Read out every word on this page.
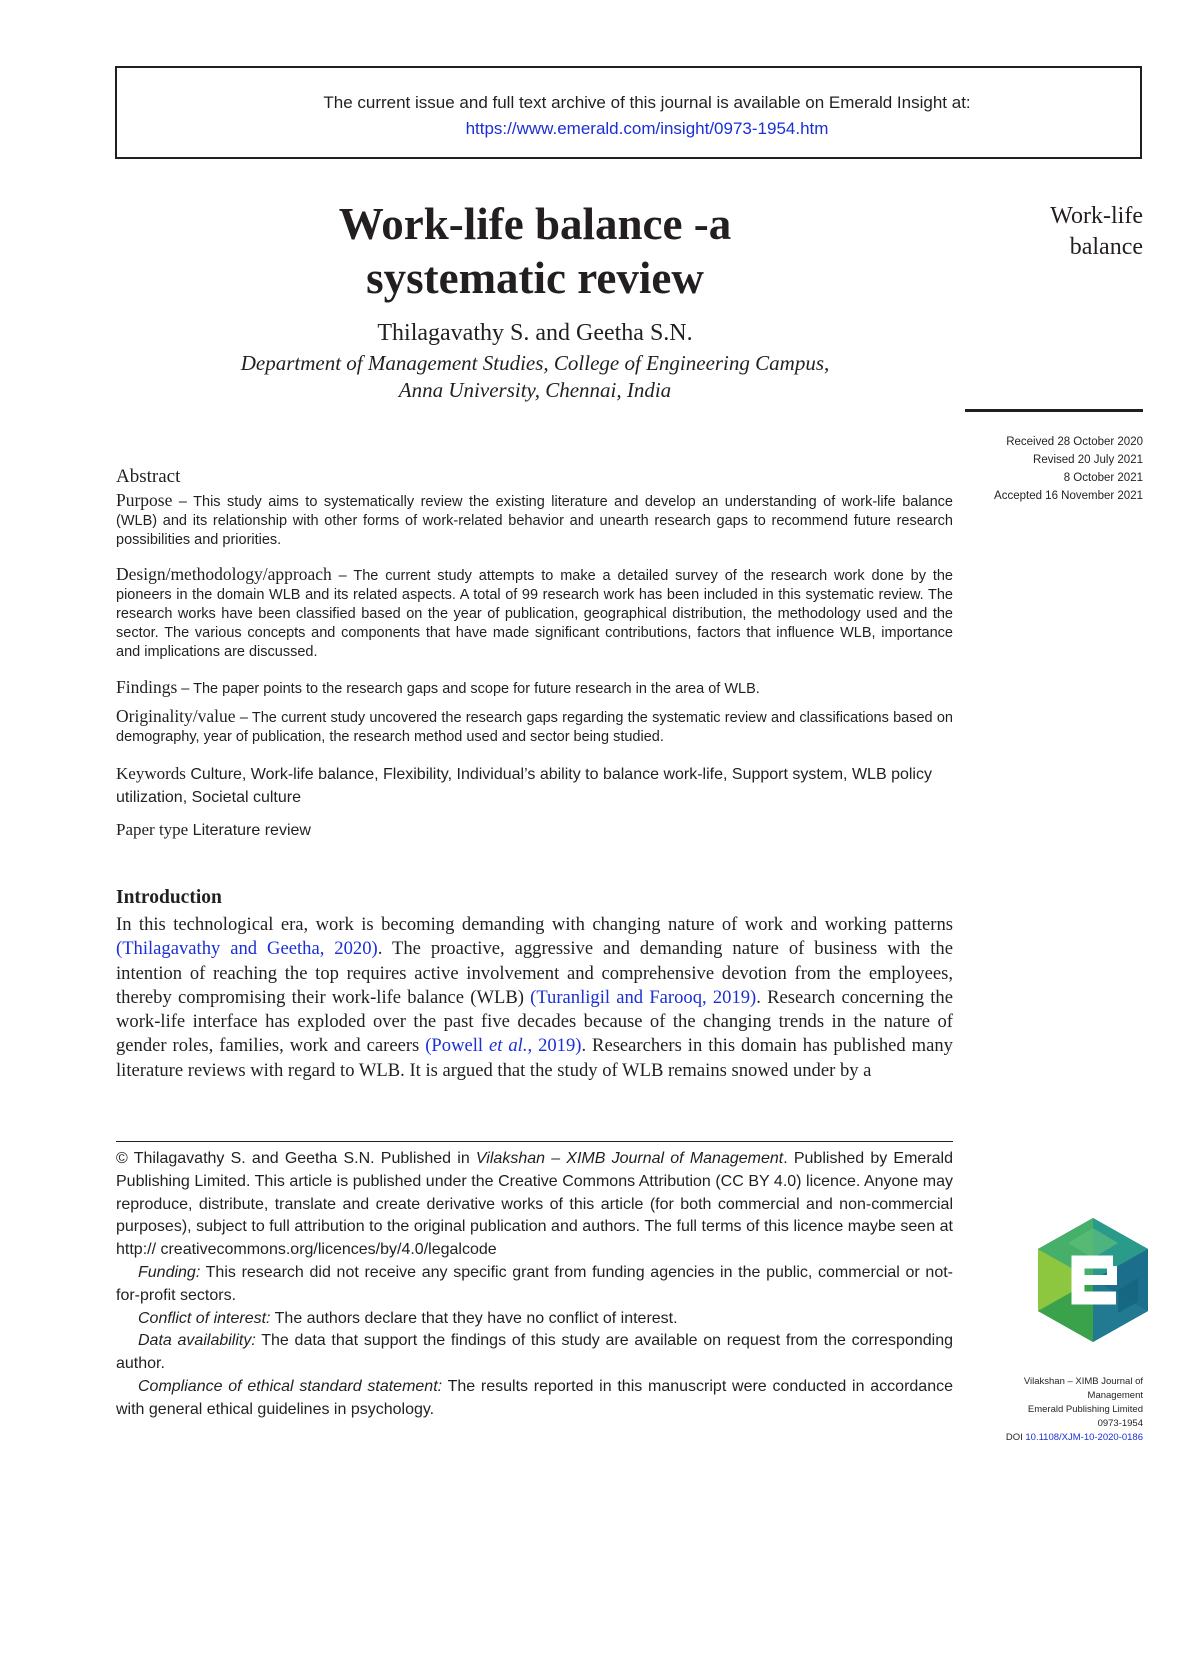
The current issue and full text archive of this journal is available on Emerald Insight at:
https://www.emerald.com/insight/0973-1954.htm
Work-life balance -a
systematic review
Thilagavathy S. and Geetha S.N.
Department of Management Studies, College of Engineering Campus,
Anna University, Chennai, India
Work-life
balance
Received 28 October 2020
Revised 20 July 2021
8 October 2021
Accepted 16 November 2021
Abstract
Purpose – This study aims to systematically review the existing literature and develop an understanding of work-life balance (WLB) and its relationship with other forms of work-related behavior and unearth research gaps to recommend future research possibilities and priorities.
Design/methodology/approach – The current study attempts to make a detailed survey of the research work done by the pioneers in the domain WLB and its related aspects. A total of 99 research work has been included in this systematic review. The research works have been classified based on the year of publication, geographical distribution, the methodology used and the sector. The various concepts and components that have made significant contributions, factors that influence WLB, importance and implications are discussed.
Findings – The paper points to the research gaps and scope for future research in the area of WLB.
Originality/value – The current study uncovered the research gaps regarding the systematic review and classifications based on demography, year of publication, the research method used and sector being studied.
Keywords Culture, Work-life balance, Flexibility, Individual’s ability to balance work-life, Support system, WLB policy utilization, Societal culture
Paper type Literature review
Introduction
In this technological era, work is becoming demanding with changing nature of work and working patterns (Thilagavathy and Geetha, 2020). The proactive, aggressive and demanding nature of business with the intention of reaching the top requires active involvement and comprehensive devotion from the employees, thereby compromising their work-life balance (WLB) (Turanligil and Farooq, 2019). Research concerning the work-life interface has exploded over the past five decades because of the changing trends in the nature of gender roles, families, work and careers (Powell et al., 2019). Researchers in this domain has published many literature reviews with regard to WLB. It is argued that the study of WLB remains snowed under by a

© Thilagavathy S. and Geetha S.N. Published in Vilakshan – XIMB Journal of Management. Published by Emerald Publishing Limited. This article is published under the Creative Commons Attribution (CC BY 4.0) licence. Anyone may reproduce, distribute, translate and create derivative works of this article (for both commercial and non-commercial purposes), subject to full attribution to the original publication and authors. The full terms of this licence maybe seen at http:// creativecommons.org/licences/by/4.0/legalcode

Funding: This research did not receive any specific grant from funding agencies in the public, commercial or not-for-profit sectors.

Conflict of interest: The authors declare that they have no conflict of interest.

Data availability: The data that support the findings of this study are available on request from the corresponding author.

Compliance of ethical standard statement: The results reported in this manuscript were conducted in accordance with general ethical guidelines in psychology.

Vilakshan – XIMB Journal of
Management
Emerald Publishing Limited
0973-1954
DOI 10.1108/XJM-10-2020-0186
